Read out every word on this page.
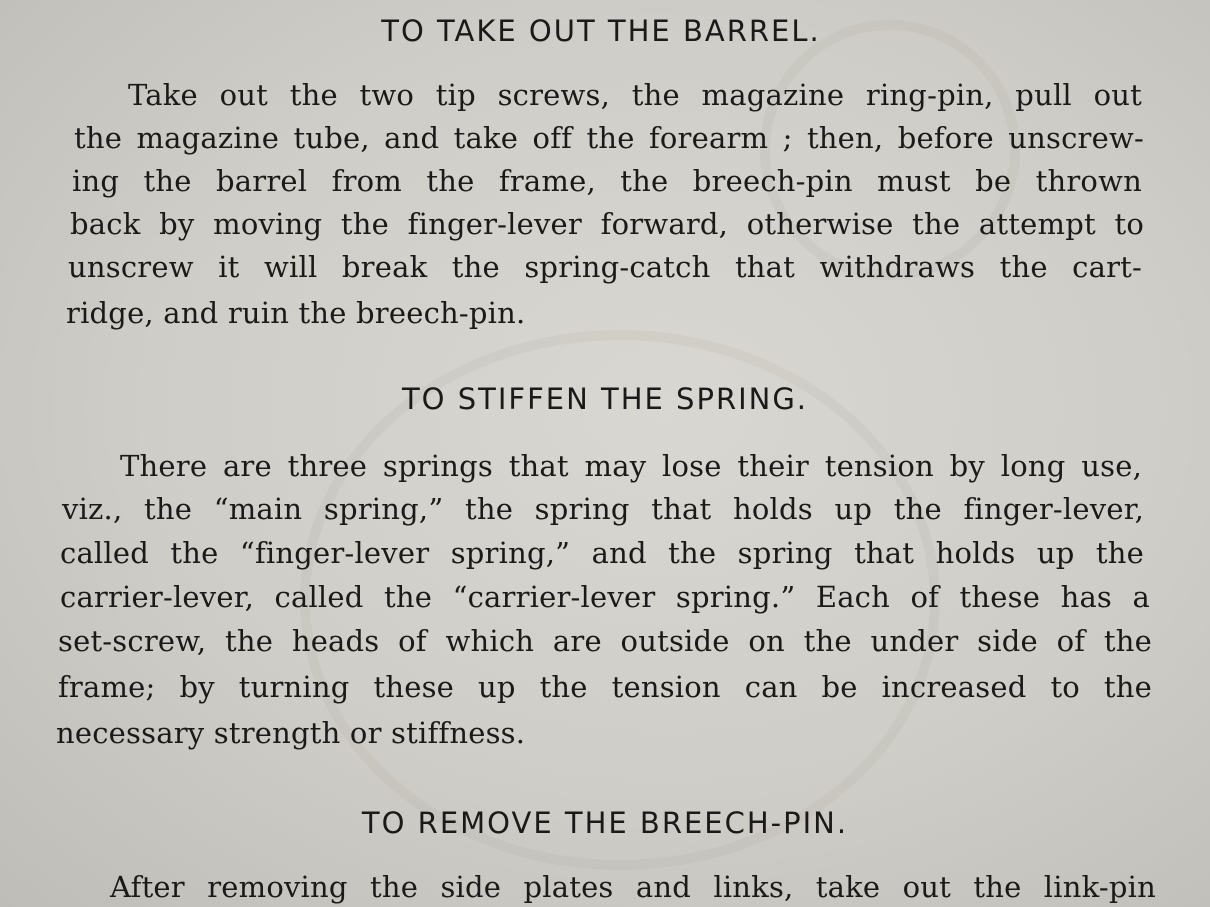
TO TAKE OUT THE BARREL.
Take out the two tip screws, the magazine ring-pin, pull out
the magazine tube, and take off the forearm ; then, before unscrew-
ing the barrel from the frame, the breech-pin must be thrown
back by moving the finger-lever forward, otherwise the attempt to
unscrew it will break the spring-catch that withdraws the cart-
ridge, and ruin the breech-pin.
TO STIFFEN THE SPRING.
There are three springs that may lose their tension by long use,
viz., the “main spring,” the spring that holds up the finger-lever,
called the “finger-lever spring,” and the spring that holds up the
carrier-lever, called the “carrier-lever spring.” Each of these has a
set-screw, the heads of which are outside on the under side of the
frame; by turning these up the tension can be increased to the
necessary strength or stiffness.
TO REMOVE THE BREECH-PIN.
After removing the side plates and links, take out the link-pin
